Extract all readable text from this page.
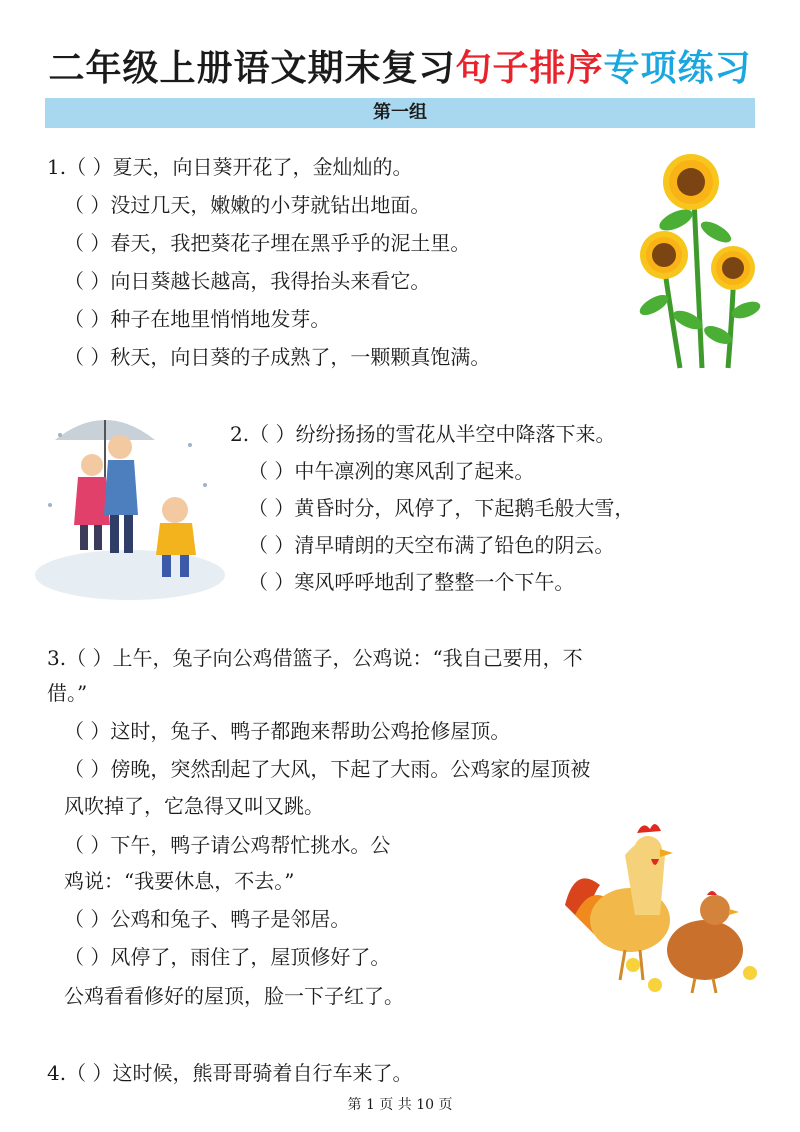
二年级上册语文期末复习句子排序专项练习
第一组
1.（ ）夏天，向日葵开花了，金灿灿的。
（ ）没过几天，嫩嫩的小芽就钻出地面。
（ ）春天，我把葵花子埋在黑乎乎的泥土里。
（ ）向日葵越长越高，我得抬头来看它。
（ ）种子在地里悄悄地发芽。
（ ）秋天，向日葵的子成熟了，一颗颗真饱满。
2.（ ）纷纷扬扬的雪花从半空中降落下来。
（ ）中午凛冽的寒风刮了起来。
（ ）黄昏时分，风停了，下起鹅毛般大雪，
（ ）清早晴朗的天空布满了铅色的阴云。
（ ）寒风呼呼地刮了整整一个下午。
3.（ ）上午，兔子向公鸡借篮子，公鸡说：“我自己要用，不
借。”
（ ）这时，兔子、鸭子都跑来帮助公鸡抢修屋顶。
（ ）傍晚，突然刮起了大风，下起了大雨。公鸡家的屋顶被
风吹掉了，它急得又叫又跳。
（ ）下午，鸭子请公鸡帮忙挑水。公
鸡说：“我要休息，不去。”
（ ）公鸡和兔子、鸭子是邻居。
（ ）风停了，雨住了，屋顶修好了。
公鸡看看修好的屋顶，脸一下子红了。
4.（ ）这时候，熊哥哥骑着自行车来了。
第 1 页 共 10 页
